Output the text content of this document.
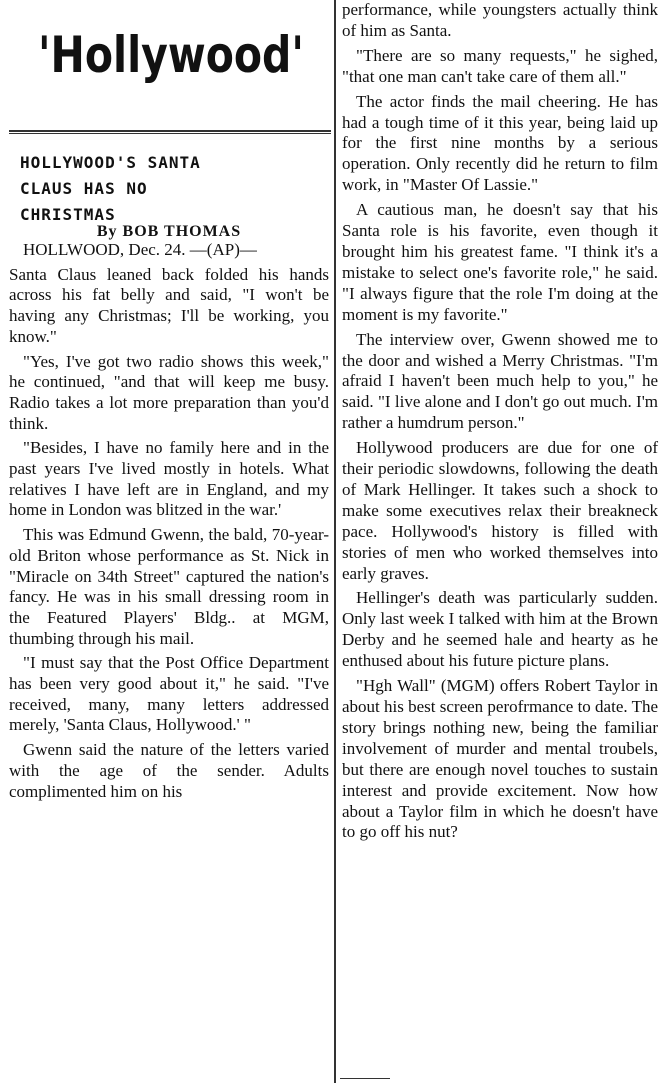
'Hollywood'
HOLLYWOOD'S SANTA
CLAUS HAS NO
CHRISTMAS
By BOB THOMAS

HOLLWOOD, Dec. 24. —(AP)—

Santa Claus leaned back folded his hands across his fat belly and said, "I won't be having any Christmas; I'll be working, you know."

"Yes, I've got two radio shows this week," he continued, "and that will keep me busy. Radio takes a lot more preparation than you'd think.

"Besides, I have no family here and in the past years I've lived mostly in hotels. What relatives I have left are in England, and my home in London was blitzed in the war.'

This was Edmund Gwenn, the bald, 70-year-old Briton whose performance as St. Nick in "Miracle on 34th Street" captured the nation's fancy. He was in his small dressing room in the Featured Players' Bldg.. at MGM, thumbing through his mail.

"I must say that the Post Office Department has been very good about it," he said. "I've received, many, many letters addressed merely, 'Santa Claus, Hollywood.' "

Gwenn said the nature of the letters varied with the age of the sender. Adults complimented him on his

performance, while youngsters actually think of him as Santa.

"There are so many requests," he sighed, "that one man can't take care of them all."

The actor finds the mail cheering. He has had a tough time of it this year, being laid up for the first nine months by a serious operation. Only recently did he return to film work, in "Master Of Lassie."

A cautious man, he doesn't say that his Santa role is his favorite, even though it brought him his greatest fame. "I think it's a mistake to select one's favorite role," he said. "I always figure that the role I'm doing at the moment is my favorite."

The interview over, Gwenn showed me to the door and wished a Merry Christmas. "I'm afraid I haven't been much help to you," he said. "I live alone and I don't go out much. I'm rather a humdrum person."

Hollywood producers are due for one of their periodic slowdowns, following the death of Mark Hellinger. It takes such a shock to make some executives relax their breakneck pace. Hollywood's history is filled with stories of men who worked themselves into early graves.

Hellinger's death was particularly sudden. Only last week I talked with him at the Brown Derby and he seemed hale and hearty as he enthused about his future picture plans.

"Hgh Wall" (MGM) offers Robert Taylor in about his best screen perofrmance to date. The story brings nothing new, being the familiar involvement of murder and mental troubels, but there are enough novel touches to sustain interest and provide excitement. Now how about a Taylor film in which he doesn't have to go off his nut?
